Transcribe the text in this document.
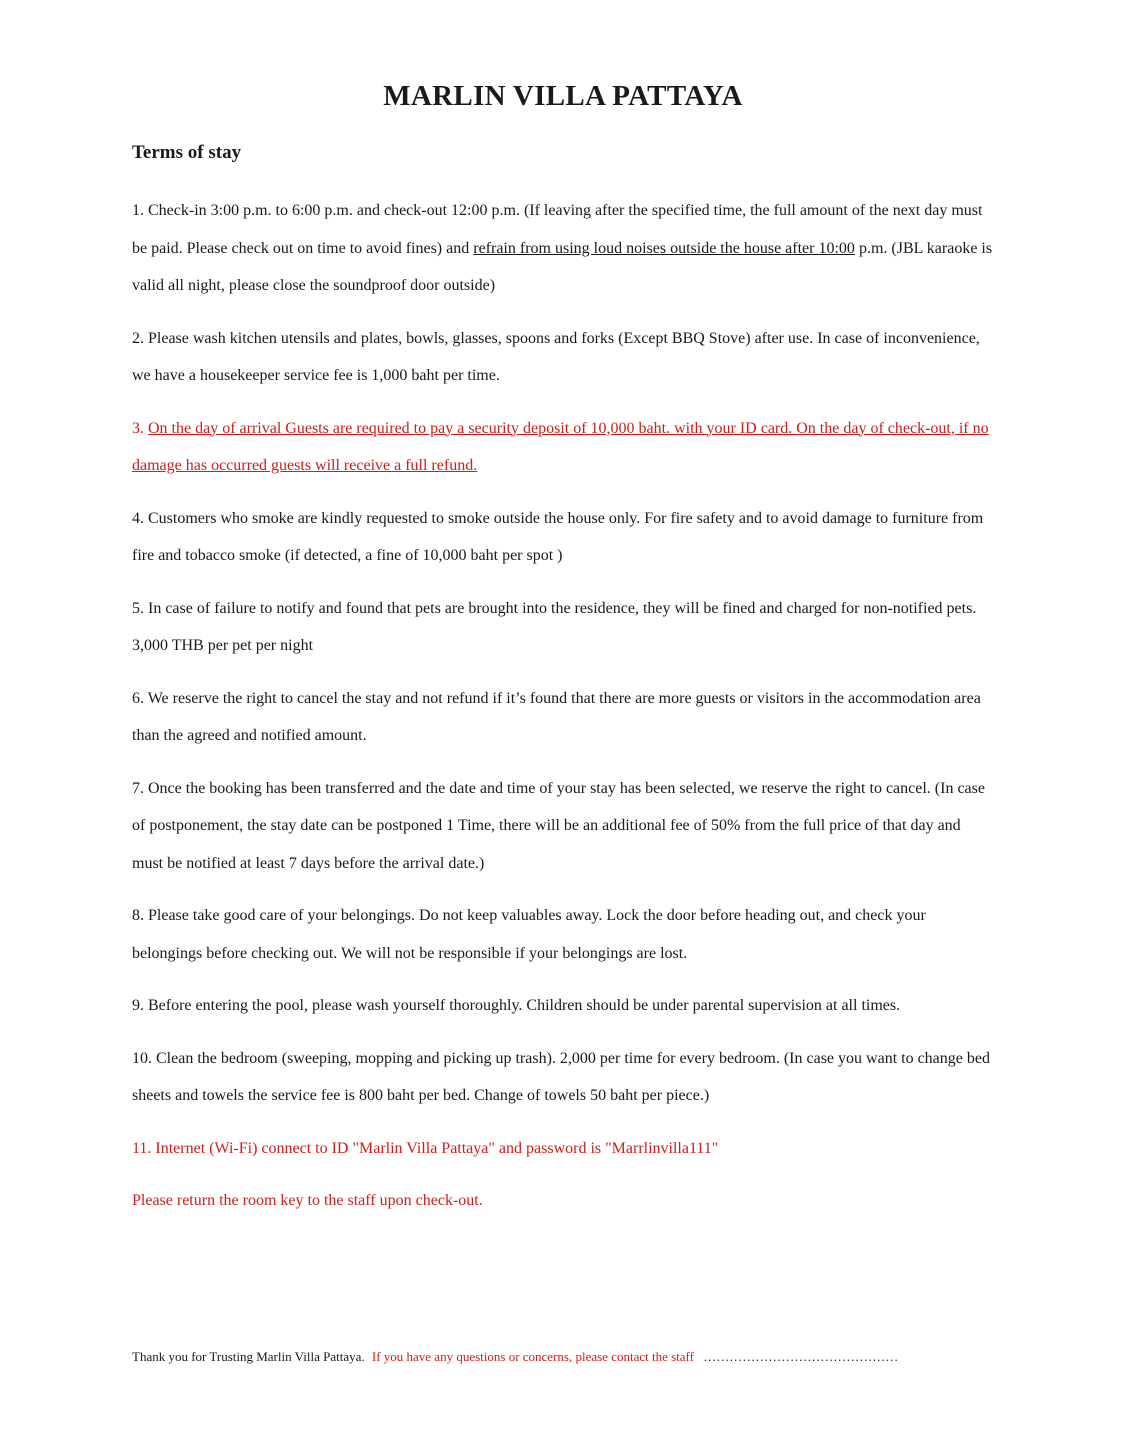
MARLIN VILLA PATTAYA
Terms of stay

1. Check-in 3:00 p.m. to 6:00 p.m. and check-out 12:00 p.m. (If leaving after the specified time, the full amount of the next day must be paid. Please check out on time to avoid fines) and refrain from using loud noises outside the house after 10:00 p.m. (JBL karaoke is valid all night, please close the soundproof door outside)

2. Please wash kitchen utensils and plates, bowls, glasses, spoons and forks (Except BBQ Stove) after use. In case of inconvenience, we have a housekeeper service fee is 1,000 baht per time.

3. On the day of arrival Guests are required to pay a security deposit of 10,000 baht. with your ID card. On the day of check-out, if no damage has occurred guests will receive a full refund.

4. Customers who smoke are kindly requested to smoke outside the house only. For fire safety and to avoid damage to furniture from fire and tobacco smoke (if detected, a fine of 10,000 baht per spot )

5. In case of failure to notify and found that pets are brought into the residence, they will be fined and charged for non-notified pets. 3,000 THB per pet per night

6. We reserve the right to cancel the stay and not refund if it’s found that there are more guests or visitors in the accommodation area than the agreed and notified amount.

7. Once the booking has been transferred and the date and time of your stay has been selected, we reserve the right to cancel. (In case of postponement, the stay date can be postponed 1 Time, there will be an additional fee of 50% from the full price of that day and must be notified at least 7 days before the arrival date.)

8. Please take good care of your belongings. Do not keep valuables away. Lock the door before heading out, and check your belongings before checking out. We will not be responsible if your belongings are lost.

9. Before entering the pool, please wash yourself thoroughly. Children should be under parental supervision at all times.

10. Clean the bedroom (sweeping, mopping and picking up trash). 2,000 per time for every bedroom. (In case you want to change bed sheets and towels the service fee is 800 baht per bed. Change of towels 50 baht per piece.)

11. Internet (Wi-Fi) connect to ID "Marlin Villa Pattaya" and password is "Marrlinvilla111"

Please return the room key to the staff upon check-out.

Thank you for Trusting Marlin Villa Pattaya. If you have any questions or concerns, please contact the staff ………………………………………
